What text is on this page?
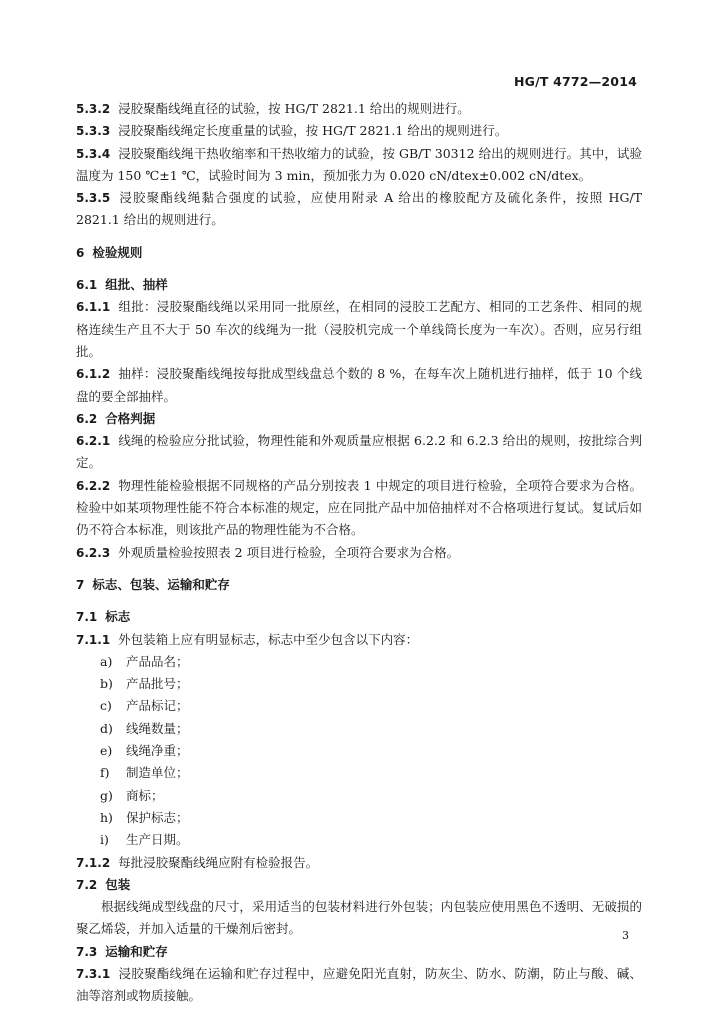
HG/T 4772—2014

5.3.2 浸胶聚酯线绳直径的试验，按 HG/T 2821.1 给出的规则进行。

5.3.3 浸胶聚酯线绳定长度重量的试验，按 HG/T 2821.1 给出的规则进行。

5.3.4 浸胶聚酯线绳干热收缩率和干热收缩力的试验，按 GB/T 30312 给出的规则进行。其中，试验温度为 150 ℃±1 ℃，试验时间为 3 min，预加张力为 0.020 cN/dtex±0.002 cN/dtex。

5.3.5 浸胶聚酯线绳黏合强度的试验，应使用附录 A 给出的橡胶配方及硫化条件，按照 HG/T 2821.1 给出的规则进行。

6 检验规则

6.1 组批、抽样

6.1.1 组批：浸胶聚酯线绳以采用同一批原丝，在相同的浸胶工艺配方、相同的工艺条件、相同的规格连续生产且不大于 50 车次的线绳为一批（浸胶机完成一个单线筒长度为一车次）。否则，应另行组批。

6.1.2 抽样：浸胶聚酯线绳按每批成型线盘总个数的 8 %，在每车次上随机进行抽样，低于 10 个线盘的要全部抽样。

6.2 合格判据

6.2.1 线绳的检验应分批试验，物理性能和外观质量应根据 6.2.2 和 6.2.3 给出的规则，按批综合判定。

6.2.2 物理性能检验根据不同规格的产品分别按表 1 中规定的项目进行检验，全项符合要求为合格。检验中如某项物理性能不符合本标准的规定，应在同批产品中加倍抽样对不合格项进行复试。复试后如仍不符合本标准，则该批产品的物理性能为不合格。

6.2.3 外观质量检验按照表 2 项目进行检验，全项符合要求为合格。

7 标志、包装、运输和贮存

7.1 标志

7.1.1 外包装箱上应有明显标志，标志中至少包含以下内容：

a) 产品品名；

b) 产品批号；

c) 产品标记；

d) 线绳数量；

e) 线绳净重；

f) 制造单位；

g) 商标；

h) 保护标志；

i) 生产日期。

7.1.2 每批浸胶聚酯线绳应附有检验报告。

7.2 包装

根据线绳成型线盘的尺寸，采用适当的包装材料进行外包装；内包装应使用黑色不透明、无破损的聚乙烯袋，并加入适量的干燥剂后密封。

7.3 运输和贮存

7.3.1 浸胶聚酯线绳在运输和贮存过程中，应避免阳光直射，防灰尘、防水、防潮，防止与酸、碱、油等溶剂或物质接触。

3
